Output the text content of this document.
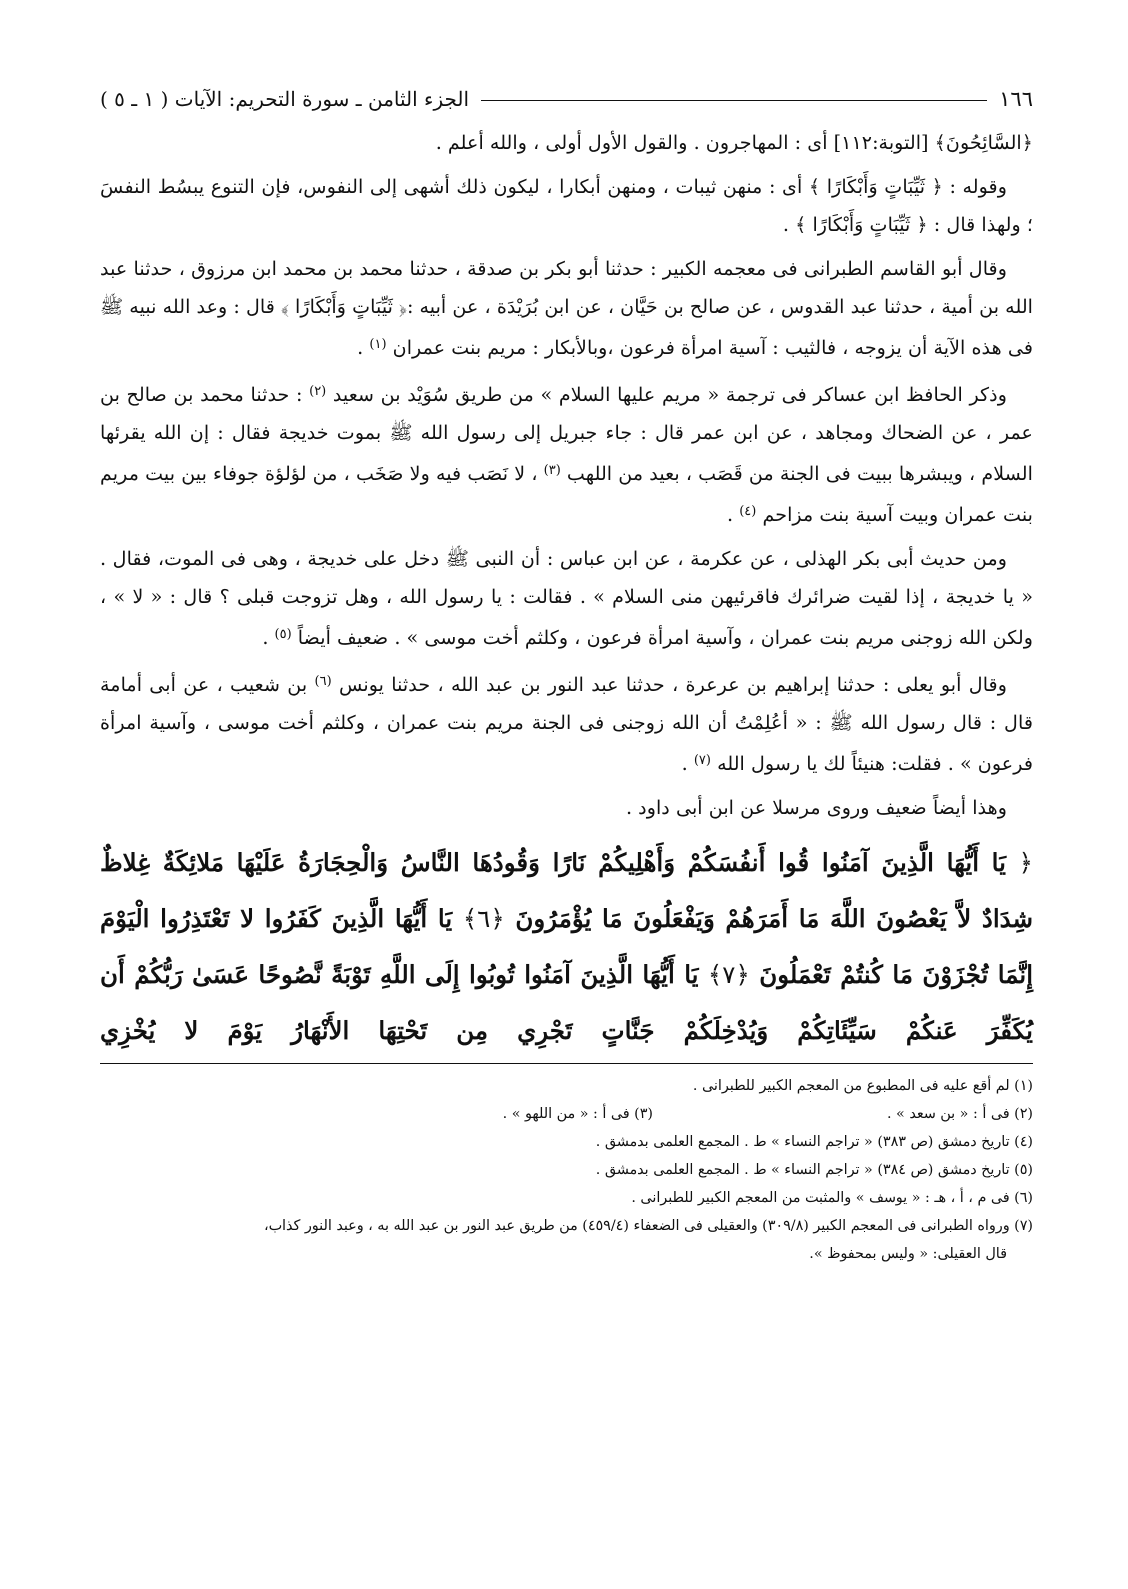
١٦٦
الجزء الثامن ـ سورة التحريم: الآيات ( ١ ـ ٥ )

﴿السَّائِحُونَ﴾ [التوبة:١١٢] أى : المهاجرون . والقول الأول أولى ، والله أعلم .

وقوله : ﴿ ثَيِّبَاتٍ وَأَبْكَارًا ﴾ أى : منهن ثيبات ، ومنهن أبكارا ، ليكون ذلك أشهى إلى النفوس، فإن التنوع يبسُط النفسَ ؛ ولهذا قال : ﴿ ثَيِّبَاتٍ وَأَبْكَارًا ﴾ .

وقال أبو القاسم الطبرانى فى معجمه الكبير : حدثنا أبو بكر بن صدقة ، حدثنا محمد بن محمد ابن مرزوق ، حدثنا عبد الله بن أمية ، حدثنا عبد القدوس ، عن صالح بن حَيَّان ، عن ابن بُرَيْدَة ، عن أبيه :﴿ ثَيِّبَاتٍ وَأَبْكَارًا ﴾ قال : وعد الله نبيه ﷺ فى هذه الآية أن يزوجه ، فالثيب : آسية امرأة فرعون ،وبالأبكار : مريم بنت عمران $^{(١)}$ .

وذكر الحافظ ابن عساكر فى ترجمة « مريم عليها السلام » من طريق سُوَيْد بن سعيد $^{(٢)}$ : حدثنا محمد بن صالح بن عمر ، عن الضحاك ومجاهد ، عن ابن عمر قال : جاء جبريل إلى رسول الله ﷺ بموت خديجة فقال : إن الله يقرئها السلام ، ويبشرها ببيت فى الجنة من قَصَب ، بعيد من اللهب $^{(٣)}$ ، لا نَصَب فيه ولا صَخَب ، من لؤلؤة جوفاء بين بيت مريم بنت عمران وبيت آسية بنت مزاحم $^{(٤)}$ .

ومن حديث أبى بكر الهذلى ، عن عكرمة ، عن ابن عباس : أن النبى ﷺ دخل على خديجة ، وهى فى الموت، فقال . « يا خديجة ، إذا لقيت ضرائرك فاقرئيهن منى السلام » . فقالت : يا رسول الله ، وهل تزوجت قبلى ؟ قال : « لا » ، ولكن الله زوجنى مريم بنت عمران ، وآسية امرأة فرعون ، وكلثم أخت موسى » . ضعيف أيضاً $^{(٥)}$ .

وقال أبو يعلى : حدثنا إبراهيم بن عرعرة ، حدثنا عبد النور بن عبد الله ، حدثنا يونس $^{(٦)}$ بن شعيب ، عن أبى أمامة قال : قال رسول الله ﷺ : « أعُلِمْتُ أن الله زوجنى فى الجنة مريم بنت عمران ، وكلثم أخت موسى ، وآسية امرأة فرعون » . فقلت: هنيئاً لك يا رسول الله $^{(٧)}$ .

وهذا أيضاً ضعيف وروى مرسلا عن ابن أبى داود .

﴿ يَا أَيُّهَا الَّذِينَ آمَنُوا قُوا أَنفُسَكُمْ وَأَهْلِيكُمْ نَارًا وَقُودُهَا النَّاسُ وَالْحِجَارَةُ عَلَيْهَا مَلائِكَةٌ غِلاظٌ شِدَادٌ لاَّ يَعْصُونَ اللَّهَ مَا أَمَرَهُمْ وَيَفْعَلُونَ مَا يُؤْمَرُونَ ﴿٦﴾ يَا أَيُّهَا الَّذِينَ كَفَرُوا لا تَعْتَذِرُوا الْيَوْمَ إِنَّمَا تُجْزَوْنَ مَا كُنتُمْ تَعْمَلُونَ ﴿٧﴾ يَا أَيُّهَا الَّذِينَ آمَنُوا تُوبُوا إِلَى اللَّهِ تَوْبَةً نَّصُوحًا عَسَىٰ رَبُّكُمْ أَن يُكَفِّرَ عَنكُمْ سَيِّئَاتِكُمْ وَيُدْخِلَكُمْ جَنَّاتٍ تَجْرِي مِن تَحْتِهَا الأَنْهَارُ يَوْمَ لا يُخْزِي

(١) لم أقع عليه فى المطبوع من المعجم الكبير للطبرانى .

(٢) فى أ : « بن سعد » .

(٣) فى أ : « من اللهو » .

(٤) تاريخ دمشق (ص ٣٨٣) « تراجم النساء » ط . المجمع العلمى بدمشق .

(٥) تاريخ دمشق (ص ٣٨٤) « تراجم النساء » ط . المجمع العلمى بدمشق .

(٦) فى م ، أ ، هـ : « يوسف » والمثبت من المعجم الكبير للطبرانى .

(٧) ورواه الطبرانى فى المعجم الكبير (٣٠٩/٨) والعقيلى فى الضعفاء (٤٥٩/٤) من طريق عبد النور بن عبد الله به ، وعبد النور كذاب،

قال العقيلى: « وليس بمحفوظ ».
